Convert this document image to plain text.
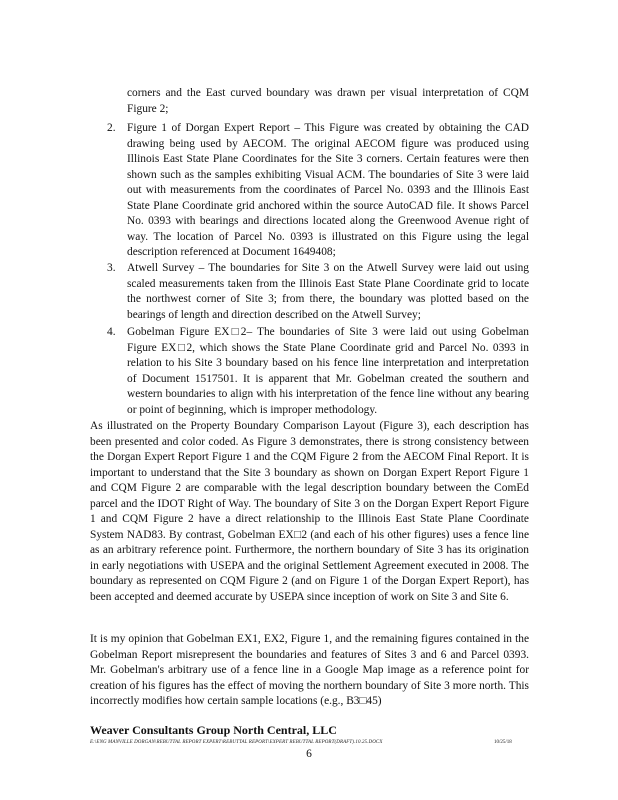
corners and the East curved boundary was drawn per visual interpretation of CQM Figure 2;

2.	Figure 1 of Dorgan Expert Report – This Figure was created by obtaining the CAD drawing being used by AECOM. The original AECOM figure was produced using Illinois East State Plane Coordinates for the Site 3 corners. Certain features were then shown such as the samples exhibiting Visual ACM. The boundaries of Site 3 were laid out with measurements from the coordinates of Parcel No. 0393 and the Illinois East State Plane Coordinate grid anchored within the source AutoCAD file. It shows Parcel No. 0393 with bearings and directions located along the Greenwood Avenue right of way. The location of Parcel No. 0393 is illustrated on this Figure using the legal description referenced at Document 1649408;

3.	Atwell Survey – The boundaries for Site 3 on the Atwell Survey were laid out using scaled measurements taken from the Illinois East State Plane Coordinate grid to locate the northwest corner of Site 3; from there, the boundary was plotted based on the bearings of length and direction described on the Atwell Survey;

4.	Gobelman Figure EX□2– The boundaries of Site 3 were laid out using Gobelman Figure EX□2, which shows the State Plane Coordinate grid and Parcel No. 0393 in relation to his Site 3 boundary based on his fence line interpretation and interpretation of Document 1517501. It is apparent that Mr. Gobelman created the southern and western boundaries to align with his interpretation of the fence line without any bearing or point of beginning, which is improper methodology.

As illustrated on the Property Boundary Comparison Layout (Figure 3), each description has been presented and color coded. As Figure 3 demonstrates, there is strong consistency between the Dorgan Expert Report Figure 1 and the CQM Figure 2 from the AECOM Final Report. It is important to understand that the Site 3 boundary as shown on Dorgan Expert Report Figure 1 and CQM Figure 2 are comparable with the legal description boundary between the ComEd parcel and the IDOT Right of Way. The boundary of Site 3 on the Dorgan Expert Report Figure 1 and CQM Figure 2 have a direct relationship to the Illinois East State Plane Coordinate System NAD83. By contrast, Gobelman EX□2 (and each of his other figures) uses a fence line as an arbitrary reference point. Furthermore, the northern boundary of Site 3 has its origination in early negotiations with USEPA and the original Settlement Agreement executed in 2008. The boundary as represented on CQM Figure 2 (and on Figure 1 of the Dorgan Expert Report), has been accepted and deemed accurate by USEPA since inception of work on Site 3 and Site 6.

It is my opinion that Gobelman EX1, EX2, Figure 1, and the remaining figures contained in the Gobelman Report misrepresent the boundaries and features of Sites 3 and 6 and Parcel 0393. Mr. Gobelman's arbitrary use of a fence line in a Google Map image as a reference point for creation of his figures has the effect of moving the northern boundary of Site 3 more north. This incorrectly modifies how certain sample locations (e.g., B3□45)

Weaver Consultants Group North Central, LLC

E:\ENG MANVILLE DORGAN\REBUTTAL REPORT EXPERT\REBUTTAL REPORT\EXPERT REBUTTAL REPORT(DRAFT).10.25.DOCX	10/25/18

6
